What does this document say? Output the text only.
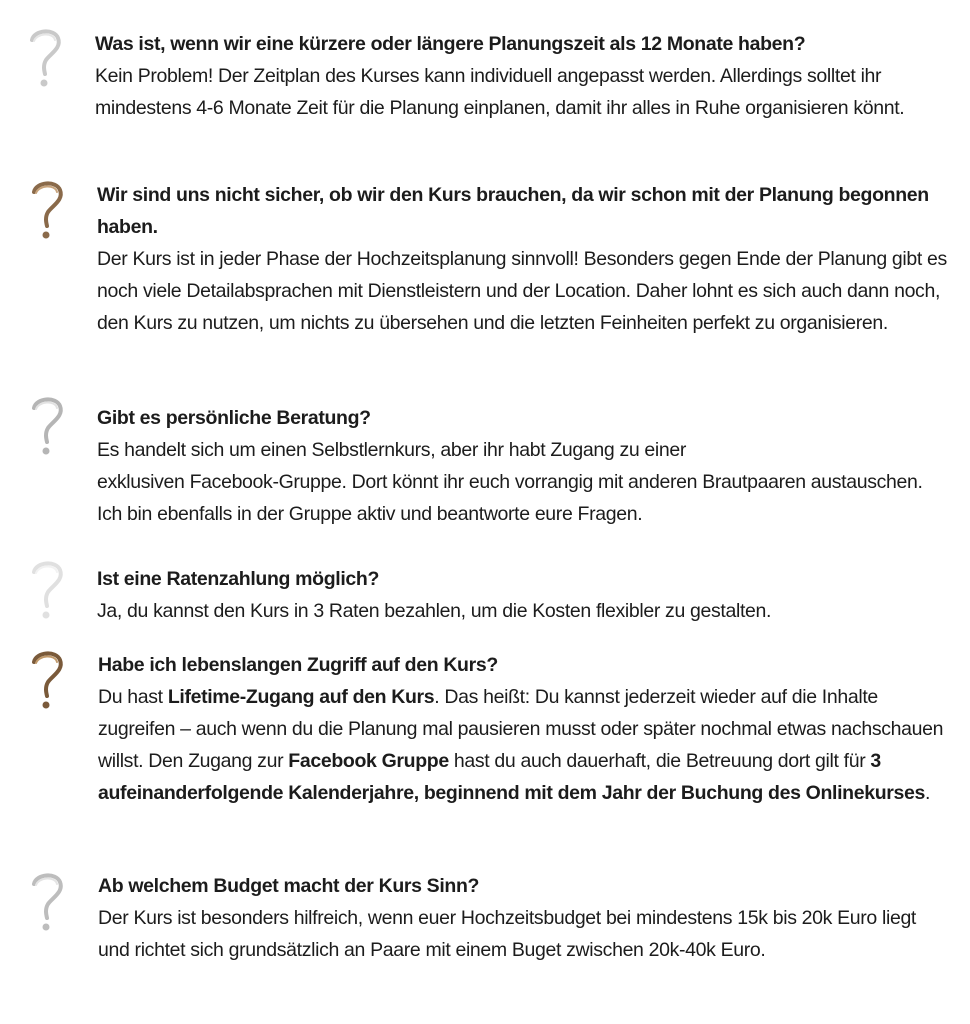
Was ist, wenn wir eine kürzere oder längere Planungszeit als 12 Monate haben?
Kein Problem! Der Zeitplan des Kurses kann individuell angepasst werden. Allerdings solltet ihr mindestens 4-6 Monate Zeit für die Planung einplanen, damit ihr alles in Ruhe organisieren könnt.
Wir sind uns nicht sicher, ob wir den Kurs brauchen, da wir schon mit der Planung begonnen haben.
Der Kurs ist in jeder Phase der Hochzeitsplanung sinnvoll! Besonders gegen Ende der Planung gibt es noch viele Detailabsprachen mit Dienstleistern und der Location. Daher lohnt es sich auch dann noch, den Kurs zu nutzen, um nichts zu übersehen und die letzten Feinheiten perfekt zu organisieren.
Gibt es persönliche Beratung?
Es handelt sich um einen Selbstlernkurs, aber ihr habt Zugang zu einer
exklusiven Facebook-Gruppe. Dort könnt ihr euch vorrangig mit anderen Brautpaaren austauschen. Ich bin ebenfalls in der Gruppe aktiv und beantworte eure Fragen.
Ist eine Ratenzahlung möglich?
Ja, du kannst den Kurs in 3 Raten bezahlen, um die Kosten flexibler zu gestalten.
Habe ich lebenslangen Zugriff auf den Kurs?
Du hast Lifetime-Zugang auf den Kurs. Das heißt: Du kannst jederzeit wieder auf die Inhalte zugreifen – auch wenn du die Planung mal pausieren musst oder später nochmal etwas nachschauen willst. Den Zugang zur Facebook Gruppe hast du auch dauerhaft, die Betreuung dort gilt für 3 aufeinanderfolgende Kalenderjahre, beginnend mit dem Jahr der Buchung des Onlinekurses.
Ab welchem Budget macht der Kurs Sinn?
Der Kurs ist besonders hilfreich, wenn euer Hochzeitsbudget bei mindestens 15k bis 20k Euro liegt und richtet sich grundsätzlich an Paare mit einem Buget zwischen 20k-40k Euro.
